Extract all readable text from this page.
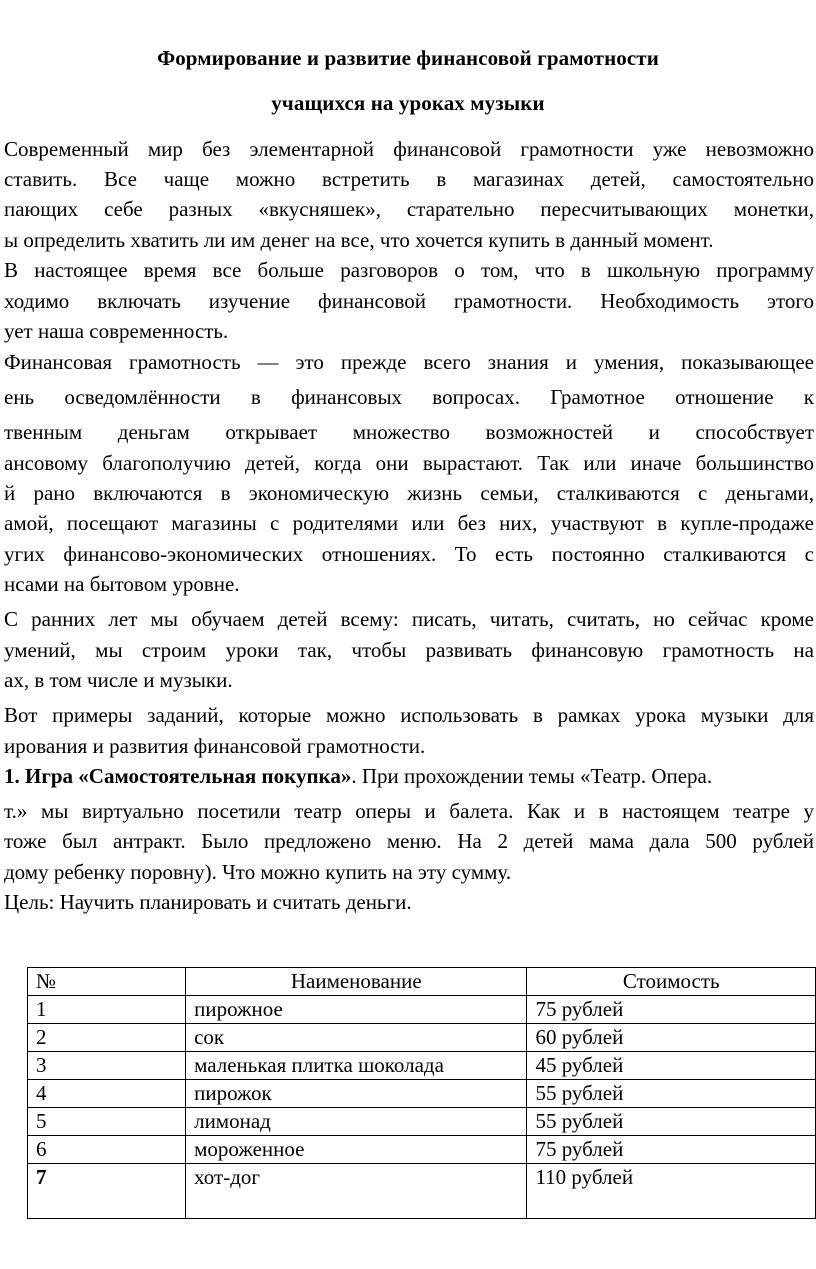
Формирование и развитие финансовой грамотности
учащихся на уроках музыки
Современный мир без элементарной финансовой грамотности уже невозможно
ставить. Все чаще можно встретить в магазинах детей, самостоятельно
пающих себе разных «вкусняшек», старательно пересчитывающих монетки,
ы определить хватить ли им денег на все, что хочется купить в данный момент.
В настоящее время все больше разговоров о том, что в школьную программу
ходимо включать изучение финансовой грамотности. Необходимость этого
ует наша современность.
Финансовая грамотность — это прежде всего знания и умения, показывающее
ень осведомлённости в финансовых вопросах. Грамотное отношение к
твенным деньгам открывает множество возможностей и способствует
ансовому благополучию детей, когда они вырастают. Так или иначе большинство
й рано включаются в экономическую жизнь семьи, сталкиваются с деньгами,
амой, посещают магазины с родителями или без них, участвуют в купле-продаже
угих финансово-экономических отношениях. То есть постоянно сталкиваются с
нсами на бытовом уровне.
С ранних лет мы обучаем детей всему: писать, читать, считать, но сейчас кроме
умений, мы строим уроки так, чтобы развивать финансовую грамотность на
ах, в том числе и музыки.
Вот примеры заданий, которые можно использовать в рамках урока музыки для
ирования и развития финансовой грамотности.
1. Игра «Самостоятельная покупка» . При прохождении темы «Театр. Опера.
т.» мы виртуально посетили театр оперы и балета. Как и в настоящем театре у
тоже был антракт. Было предложено меню. На 2 детей мама дала 500 рублей
дому ребенку поровну). Что можно купить на эту сумму.
Цель: Научить планировать и считать деньги.
№	Наименование	Стоимость
1	пирожное	75 рублей
2	сок	60 рублей
3	маленькая плитка шоколада	45 рублей
4	пирожок	55 рублей
5	лимонад	55 рублей
6	мороженное	75 рублей
7	хот-дог	110 рублей
